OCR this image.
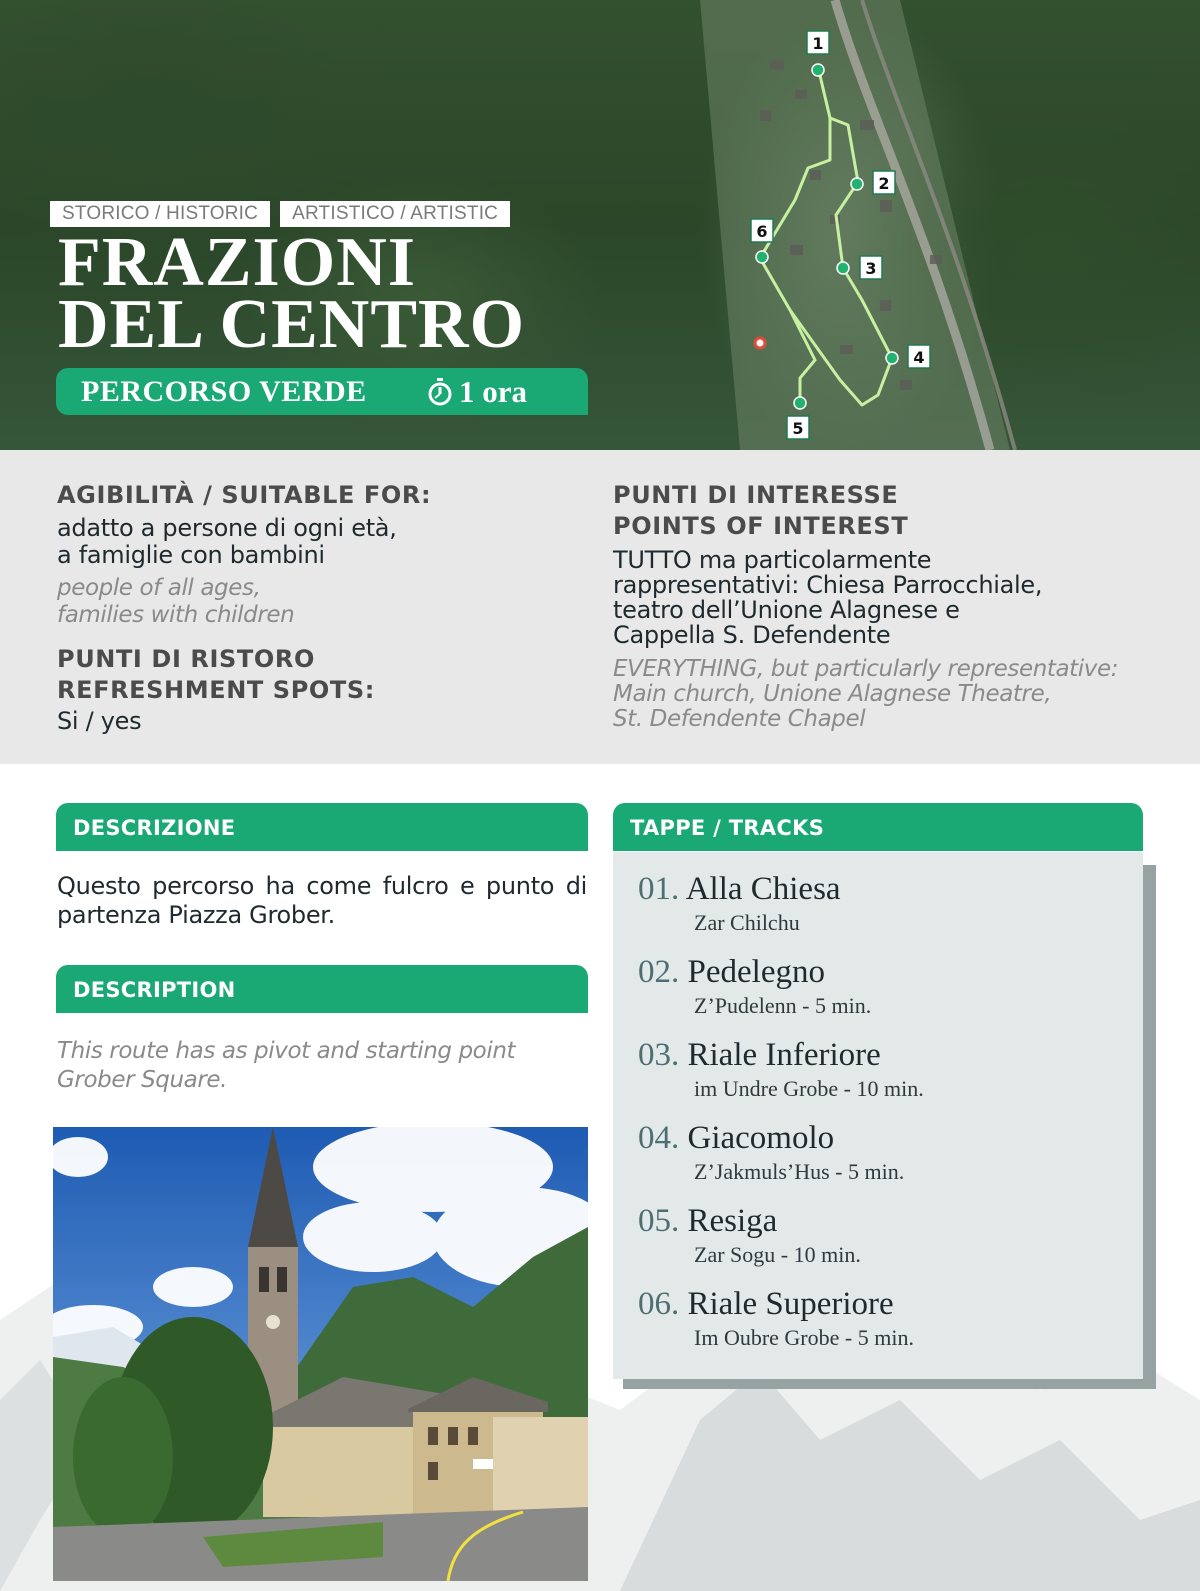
1
2
3
4
5
6
STORICO / HISTORIC	ARTISTICO / ARTISTIC
FRAZIONI
DEL CENTRO
PERCORSO VERDE	1 ora

AGIBILITÀ / SUITABLE FOR:

adatto a persone di ogni età,
a famiglie con bambini

people of all ages,
families with children

PUNTI DI RISTORO

REFRESHMENT SPOTS:

Si / yes

PUNTI DI INTERESSE

POINTS OF INTEREST

TUTTO ma particolarmente
rappresentativi: Chiesa Parrocchiale,
teatro dell’Unione Alagnese e
Cappella S. Defendente

EVERYTHING, but particularly representative:
Main church, Unione Alagnese Theatre,
St. Defendente Chapel

DESCRIZIONE

Questo percorso ha come fulcro e punto di partenza Piazza Grober.

DESCRIPTION

This route has as pivot and starting point
Grober Square.

01. Alla Chiesa
Zar Chilchu
02. Pedelegno
Z’Pudelenn - 5 min.
03. Riale Inferiore
im Undre Grobe - 10 min.
04. Giacomolo
Z’Jakmuls’Hus - 5 min.
05. Resiga
Zar Sogu - 10 min.
06. Riale Superiore
Im Oubre Grobe - 5 min.
TAPPE / TRACKS
